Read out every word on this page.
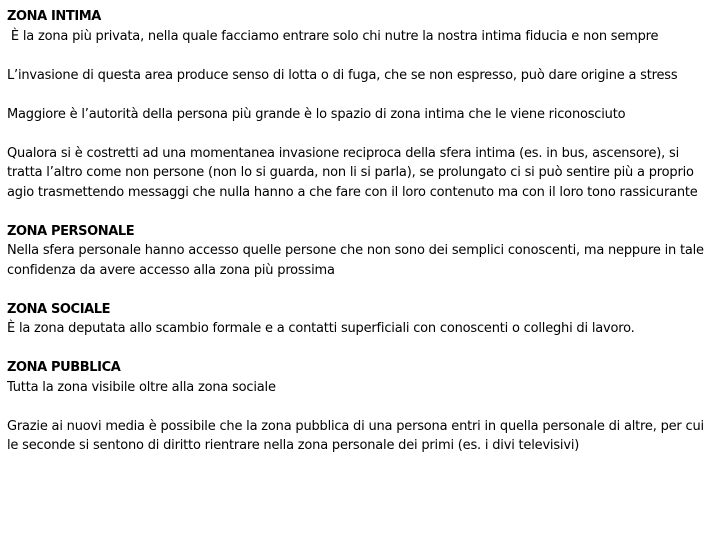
ZONA INTIMA

È la zona più privata, nella quale facciamo entrare solo chi nutre la nostra intima fiducia e non sempre

L’invasione di questa area produce senso di lotta o di fuga, che se non espresso, può dare origine a stress

Maggiore è l’autorità della persona più grande è lo spazio di zona intima che le viene riconosciuto

Qualora si è costretti ad una momentanea invasione reciproca della sfera intima (es. in bus, ascensore), si tratta l’altro come non persone (non lo si guarda, non li si parla), se prolungato ci si può sentire più a proprio agio trasmettendo messaggi che nulla hanno a che fare con il loro contenuto ma con il loro tono rassicurante

ZONA PERSONALE

Nella sfera personale hanno accesso quelle persone che non sono dei semplici conoscenti, ma neppure in tale confidenza da avere accesso alla zona più prossima

ZONA SOCIALE

È la zona deputata allo scambio formale e a contatti superficiali con conoscenti o colleghi di lavoro.

ZONA PUBBLICA

Tutta la zona visibile oltre alla zona sociale

Grazie ai nuovi media è possibile che la zona pubblica di una persona entri in quella personale di altre, per cui le seconde si sentono di diritto rientrare nella zona personale dei primi (es. i divi televisivi)
